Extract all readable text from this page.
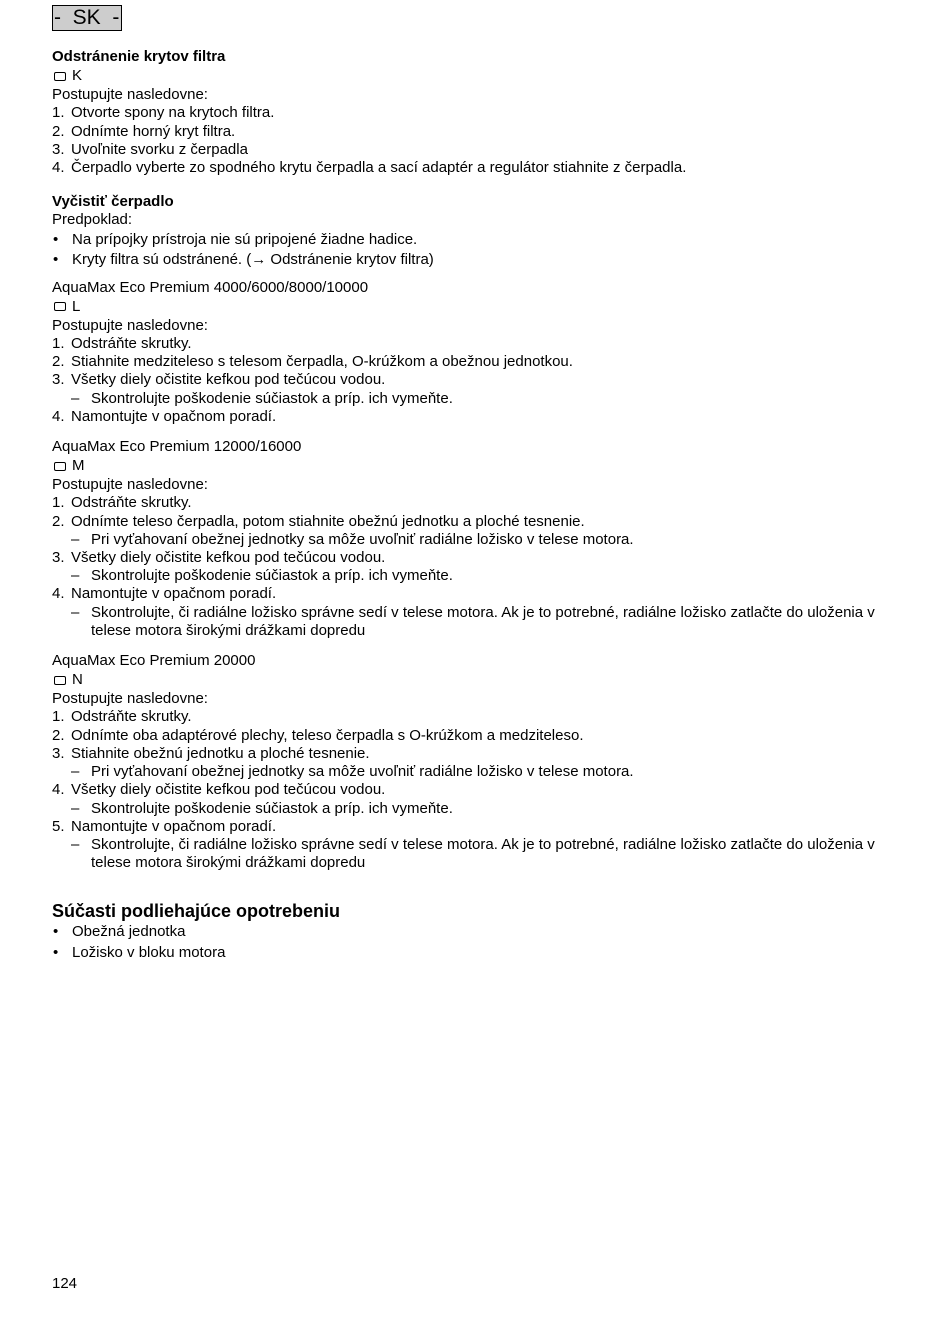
-  SK  -
Odstránenie krytov filtra
K
Postupujte nasledovne:
1. Otvorte spony na krytoch filtra.
2. Odnímte horný kryt filtra.
3. Uvoľnite svorku z čerpadla
4. Čerpadlo vyberte zo spodného krytu čerpadla a sací adaptér a regulátor stiahnite z čerpadla.
Vyčistiť čerpadlo
Predpoklad:
• Na prípojky prístroja nie sú pripojené žiadne hadice.
• Kryty filtra sú odstránené. (→ Odstránenie krytov filtra)
AquaMax Eco Premium 4000/6000/8000/10000
L
Postupujte nasledovne:
1. Odstráňte skrutky.
2. Stiahnite medziteleso s telesom čerpadla, O-krúžkom a obežnou jednotkou.
3. Všetky diely očistite kefkou pod tečúcou vodou.
– Skontrolujte poškodenie súčiastok a príp. ich vymeňte.
4. Namontujte v opačnom poradí.
AquaMax Eco Premium 12000/16000
M
Postupujte nasledovne:
1. Odstráňte skrutky.
2. Odnímte teleso čerpadla, potom stiahnite obežnú jednotku a ploché tesnenie.
– Pri vyťahovaní obežnej jednotky sa môže uvoľniť radiálne ložisko v telese motora.
3. Všetky diely očistite kefkou pod tečúcou vodou.
– Skontrolujte poškodenie súčiastok a príp. ich vymeňte.
4. Namontujte v opačnom poradí.
– Skontrolujte, či radiálne ložisko správne sedí v telese motora. Ak je to potrebné, radiálne ložisko zatlačte do uloženia v telese motora širokými drážkami dopredu
AquaMax Eco Premium 20000
N
Postupujte nasledovne:
1. Odstráňte skrutky.
2. Odnímte oba adaptérové plechy, teleso čerpadla s O-krúžkom a medziteleso.
3. Stiahnite obežnú jednotku a ploché tesnenie.
– Pri vyťahovaní obežnej jednotky sa môže uvoľniť radiálne ložisko v telese motora.
4. Všetky diely očistite kefkou pod tečúcou vodou.
– Skontrolujte poškodenie súčiastok a príp. ich vymeňte.
5. Namontujte v opačnom poradí.
– Skontrolujte, či radiálne ložisko správne sedí v telese motora. Ak je to potrebné, radiálne ložisko zatlačte do uloženia v telese motora širokými drážkami dopredu
Súčasti podliehajúce opotrebeniu
• Obežná jednotka
• Ložisko v bloku motora
124
